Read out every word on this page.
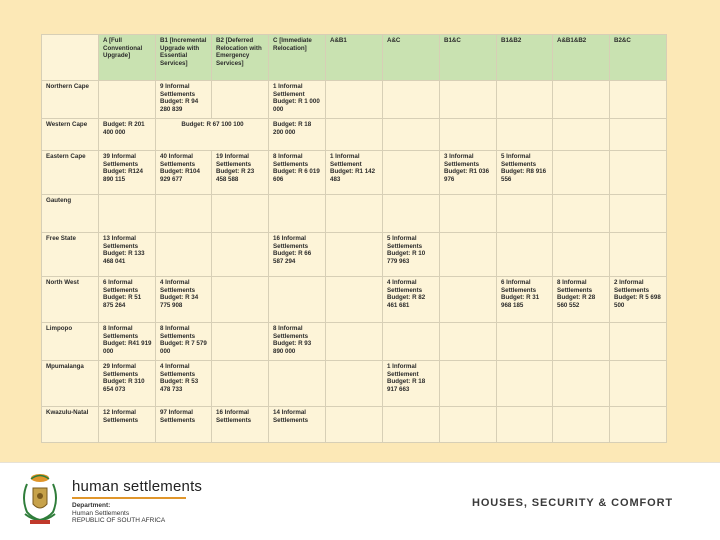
	A [Full Conventional Upgrade]	B1 [Incremental Upgrade with Essential Services]	B2 [Deferred Relocation with Emergency Services]	C [Immediate Relocation]	A&B1	A&C	B1&C	B1&B2	A&B1&B2	B2&C

Northern Cape		9 Informal Settlements Budget: R 94 280 839		1 Informal Settlement Budget: R 1 000 000						

Western Cape	Budget: R 201 400 000	Budget: R 67 100 100		Budget: R 18 200 000						

Eastern Cape	39 Informal Settlements Budget: R124 890 115	40 Informal Settlements Budget: R104 929 677	19 Informal Settlements Budget: R 23 458 588	8 Informal Settlements Budget: R 6 019 606	1 Informal Settlement Budget: R1 142 483		3 Informal Settlements Budget: R1 036 976	5 Informal Settlements Budget: R8 916 556		

Gauteng										

Free State	13 Informal Settlements Budget: R 133 468 041			16 Informal Settlements Budget: R 66 587 294		5 Informal Settlements Budget: R 10 779 963				

North West	6 Informal Settlements Budget: R 51 875 264	4 Informal Settlements Budget: R 34 775 908				4 Informal Settlements Budget: R 82 461 681		6 Informal Settlements Budget: R 31 968 185	8 Informal Settlements Budget: R 28 560 552	2 Informal Settlements Budget: R 5 698 500

Limpopo	8 Informal Settlements Budget: R41 919 000	8 Informal Settlements Budget: R 7 579 000		8 Informal Settlements Budget: R 93 890 000						

Mpumalanga	29 Informal Settlements Budget: R 310 654 073	4 Informal Settlements Budget: R 53 478 733				1 Informal Settlement Budget: R 18 917 663				

Kwazulu-Natal	12 Informal Settlements	97 Informal Settlements	16 Informal Settlements	14 Informal Settlements						

human settlements
Department:
Human Settlements
REPUBLIC OF SOUTH AFRICA
HOUSES, SECURITY & COMFORT
